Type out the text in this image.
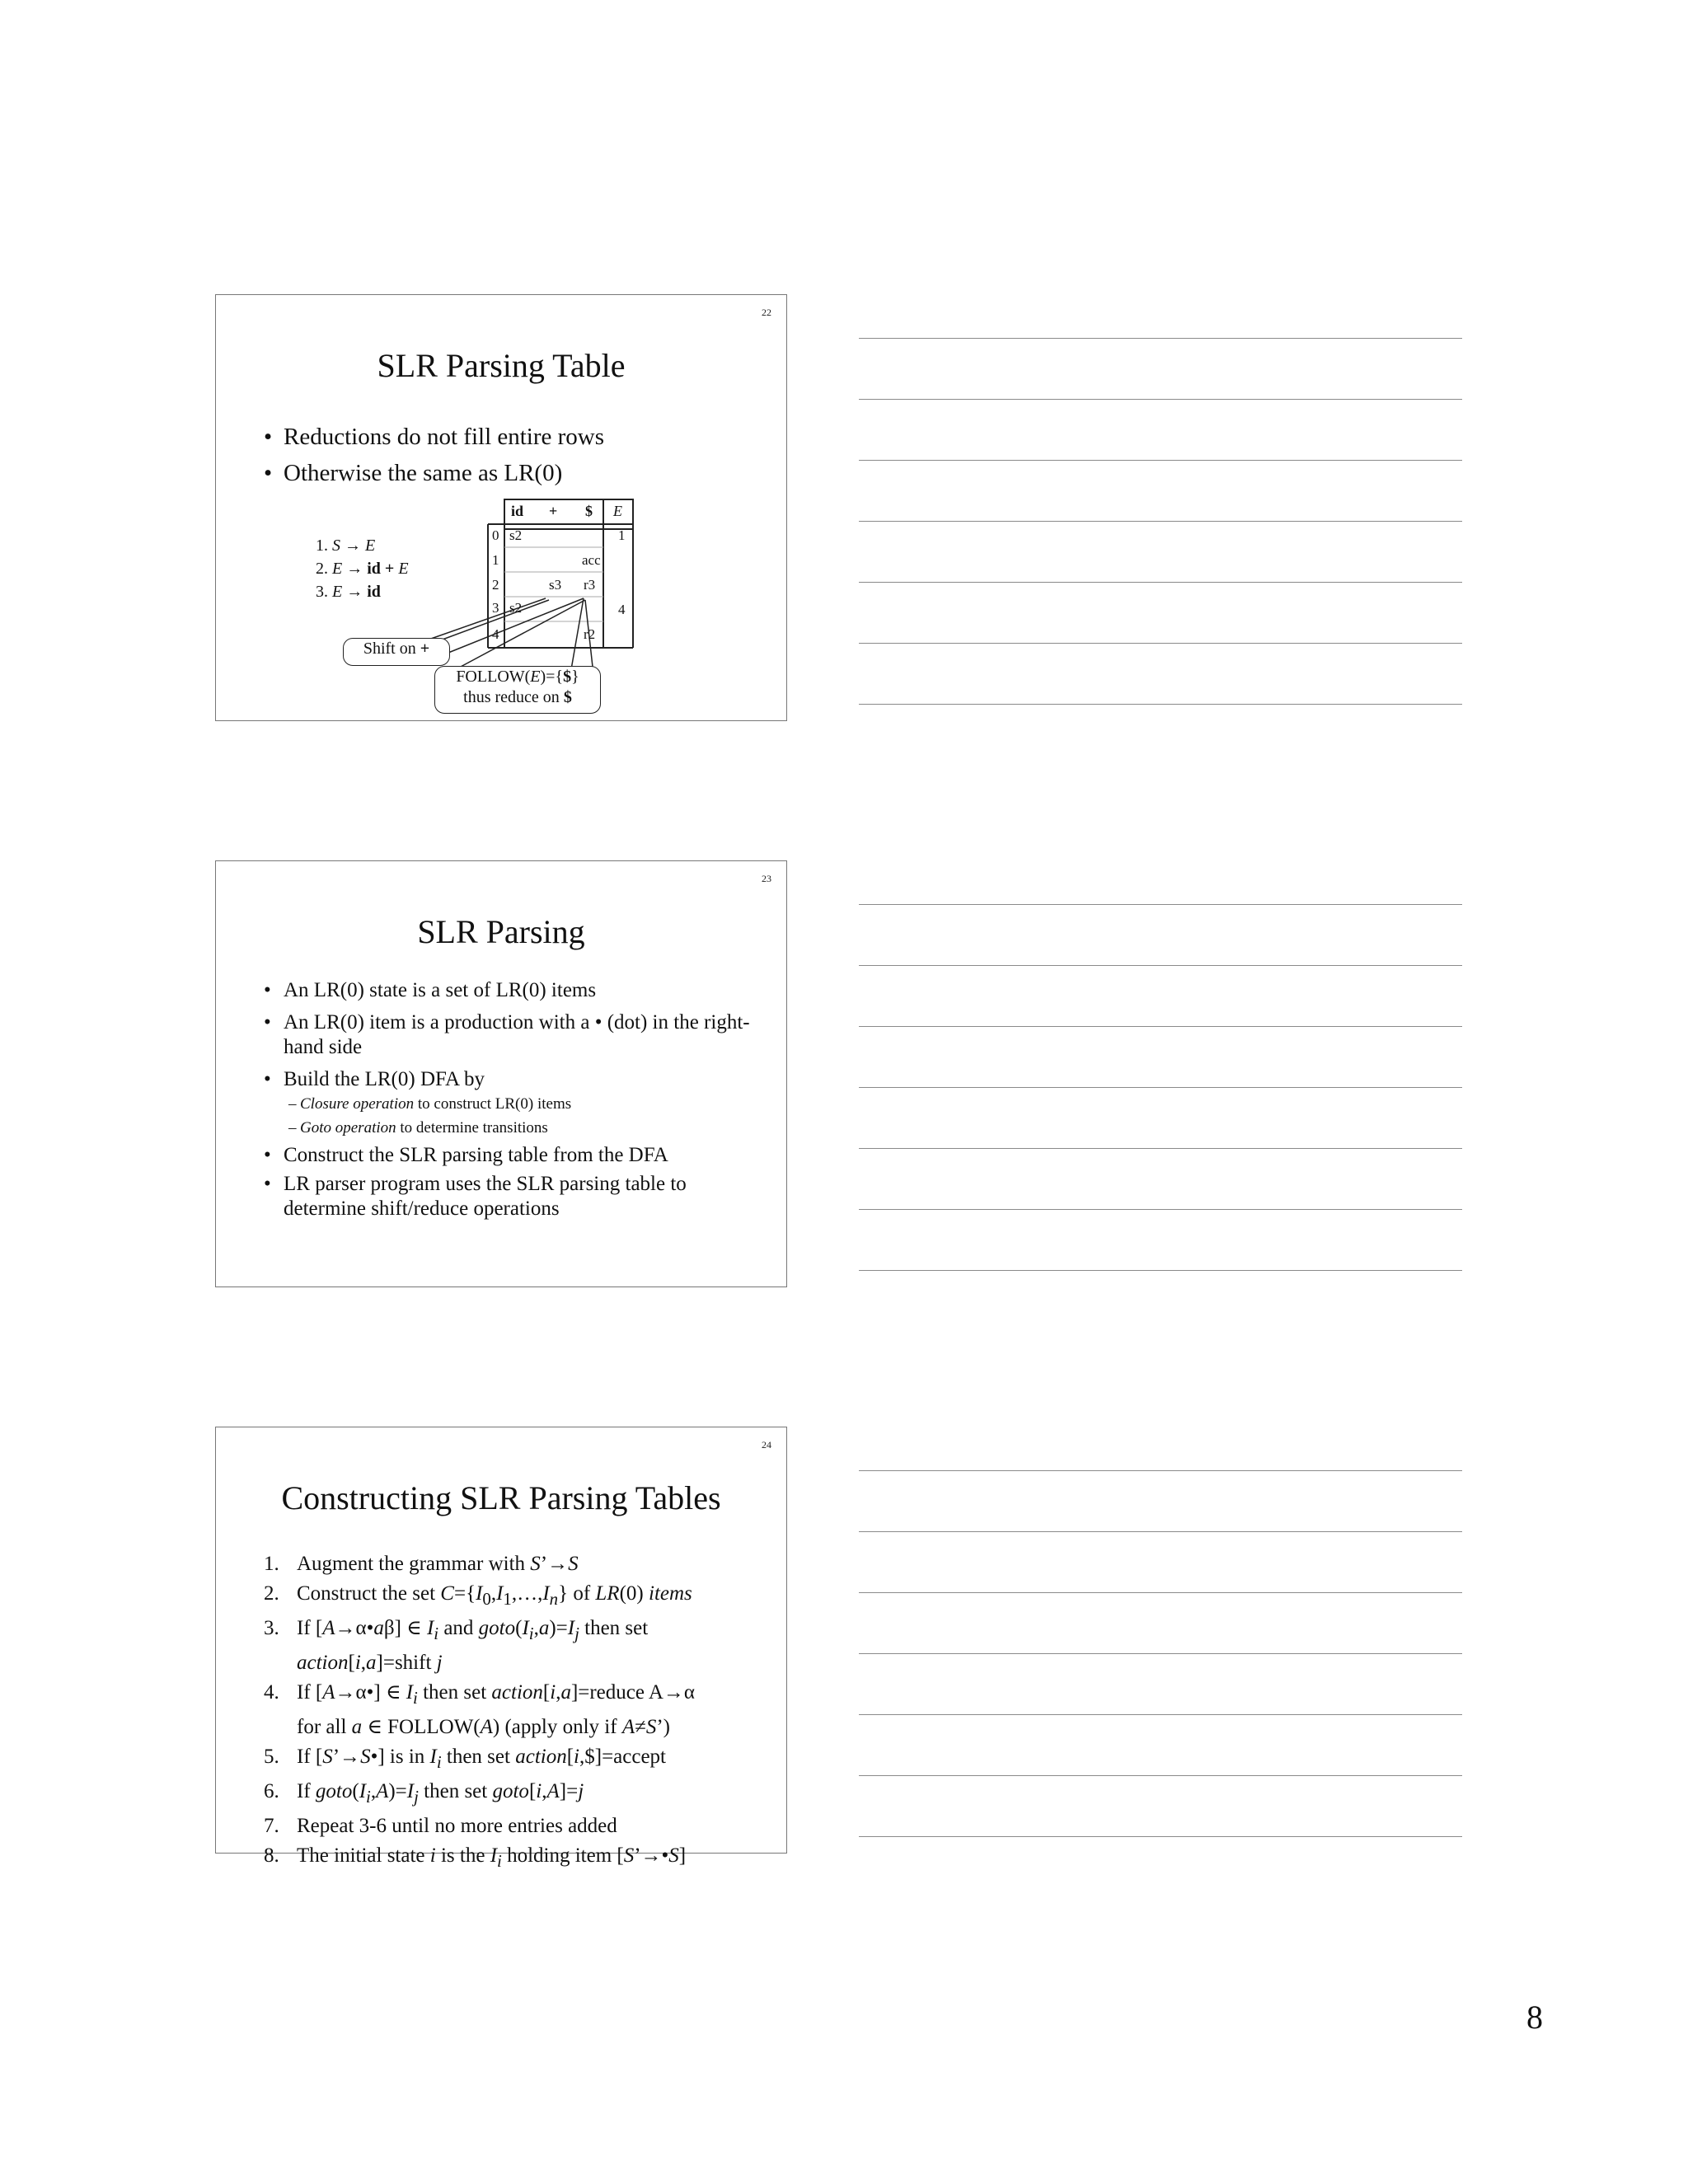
22
SLR Parsing Table
• Reductions do not fill entire rows
• Otherwise the same as LR(0)
1. S → E
2. E → id + E
3. E → id
id + $ E
0
1
2
3
4
s2	1
acc
s3 r3
s2	4
r2
Shift on +
FOLLOW(E)={$}
thus reduce on $
23
SLR Parsing
• An LR(0) state is a set of LR(0) items
• An LR(0) item is a production with a • (dot) in the right-hand side
• Build the LR(0) DFA by
– Closure operation to construct LR(0) items
– Goto operation to determine transitions
• Construct the SLR parsing table from the DFA
• LR parser program uses the SLR parsing table to determine shift/reduce operations
24
Constructing SLR Parsing Tables
1. Augment the grammar with S’→S
2. Construct the set $C=\{I_0,I_1,\dots,I_n\}$ of LR(0) items
3. If [A→α•aβ] ∈ $I_i$ and $goto(I_i,a)=I_j$ then set
action[i,a]=shift j
4. If [A→α•] ∈ $I_i$ then set action[i,a]=reduce A→α
for all a ∈ FOLLOW(A) (apply only if A≠S’)
5. If [S’→S•] is in $I_i$ then set action[i,$]=accept
6. If $goto(I_i,A)=I_j$ then set goto[i,A]=j
7. Repeat 3-6 until no more entries added
8. The initial state i is the $I_i$ holding item [S’→•S]
8
